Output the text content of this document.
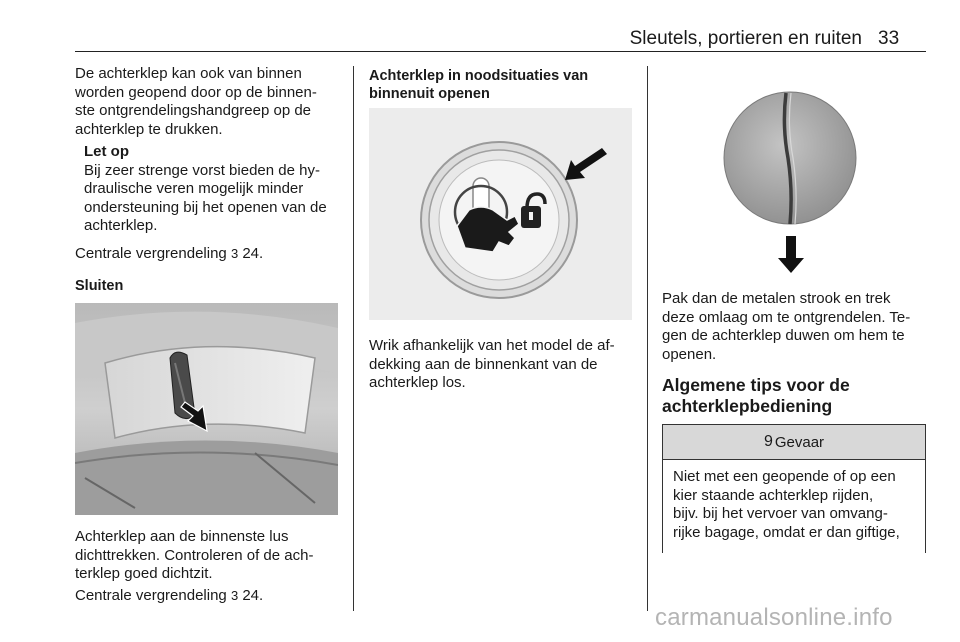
Sleutels, portieren en ruiten 33

De achterklep kan ook van binnen

worden geopend door op de binnen-

ste ontgrendelingshandgreep op de

achterklep te drukken.

Let op

Bij zeer strenge vorst bieden de hy-

draulische veren mogelijk minder

ondersteuning bij het openen van de

achterklep.

Centrale vergrendeling 3 24.
Sluiten

Achterklep aan de binnenste lus

dichttrekken. Controleren of de ach-

terklep goed dichtzit.

Centrale vergrendeling 3 24.
Achterklep in noodsituaties van
binnenuit openen

Wrik afhankelijk van het model de af-

dekking aan de binnenkant van de

achterklep los.

Pak dan de metalen strook en trek

deze omlaag om te ontgrendelen. Te-

gen de achterklep duwen om hem te

openen.

Algemene tips voor de
achterklepbediening
9 Gevaar

Niet met een geopende of op een

kier staande achterklep rijden,

bijv. bij het vervoer van omvang-

rijke bagage, omdat er dan giftige,

carmanualsonline.info
